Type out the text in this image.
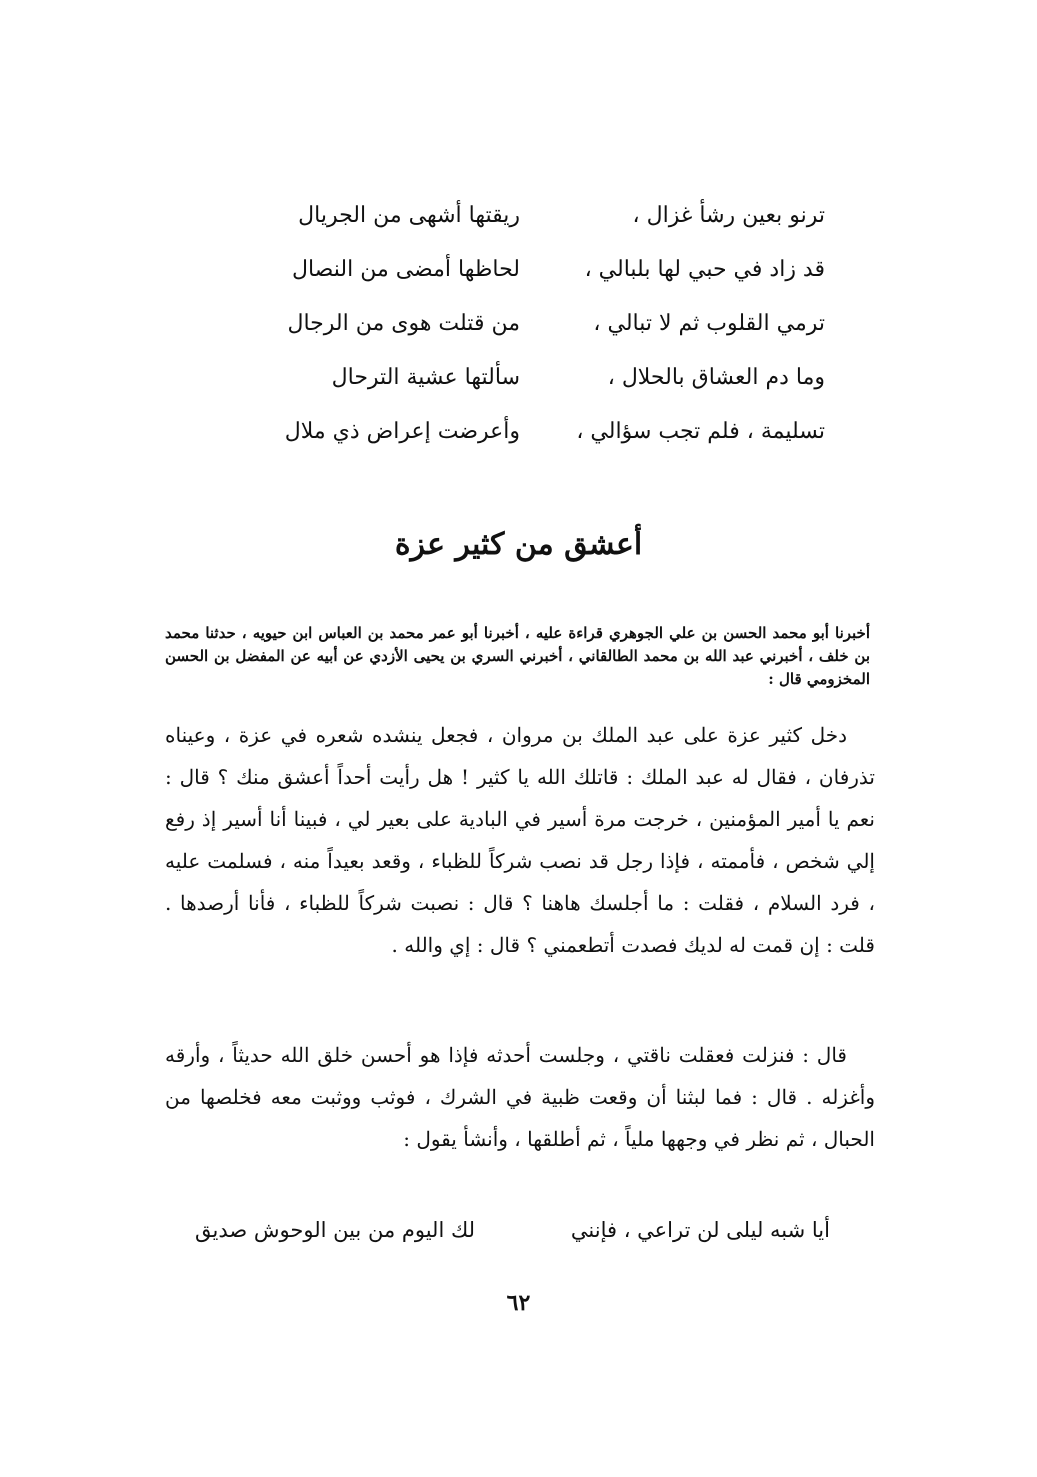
ترنو بعين رشأ غزال ،
ريقتها أشهى من الجريال
قد زاد في حبي لها بلبالي ،
لحاظها أمضى من النصال
ترمي القلوب ثم لا تبالي ،
من قتلت هوى من الرجال
وما دم العشاق بالحلال ،
سألتها عشية الترحال
تسليمة ، فلم تجب سؤالي ،
وأعرضت إعراض ذي ملال
أعشق من كثير عزة
أخبرنا أبو محمد الحسن بن علي الجوهري قراءة عليه ، أخبرنا أبو عمر محمد بن العباس ابن حيويه ، حدثنا محمد بن خلف ، أخبرني عبد الله بن محمد الطالقاني ، أخبرني السري بن يحيى الأزدي عن أبيه عن المفضل بن الحسن المخزومي قال :

دخل كثير عزة على عبد الملك بن مروان ، فجعل ينشده شعره في عزة ، وعيناه تذرفان ، فقال له عبد الملك : قاتلك الله يا كثير ! هل رأيت أحداً أعشق منك ؟ قال : نعم يا أمير المؤمنين ، خرجت مرة أسير في البادية على بعير لي ، فبينا أنا أسير إذ رفع إلي شخص ، فأممته ، فإذا رجل قد نصب شركاً للظباء ، وقعد بعيداً منه ، فسلمت عليه ، فرد السلام ، فقلت : ما أجلسك هاهنا ؟ قال : نصبت شركاً للظباء ، فأنا أرصدها . قلت : إن قمت له لديك فصدت أتطعمني ؟ قال : إي والله .

قال : فنزلت فعقلت ناقتي ، وجلست أحدثه فإذا هو أحسن خلق الله حديثاً ، وأرقه وأغزله . قال : فما لبثنا أن وقعت ظبية في الشرك ، فوثب ووثبت معه فخلصها من الحبال ، ثم نظر في وجهها ملياً ، ثم أطلقها ، وأنشأ يقول :

أيا شبه ليلى لن تراعي ، فإنني
لك اليوم من بين الوحوش صديق
٦٢
